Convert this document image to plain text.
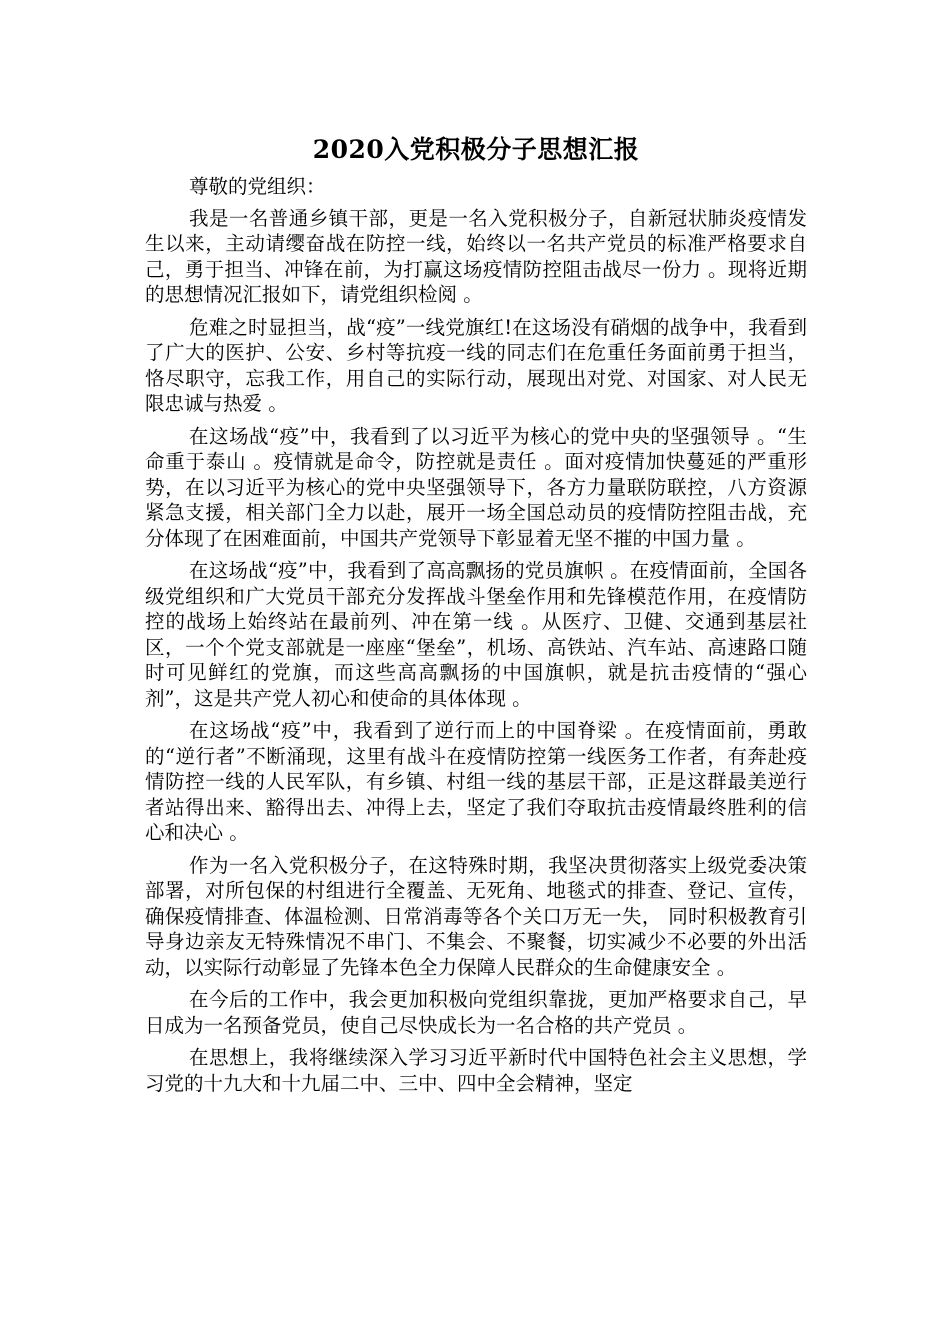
2020入党积极分子思想汇报
尊敬的党组织：

我是一名普通乡镇干部，更是一名入党积极分子，自新冠状肺炎疫情发生以来，主动请缨奋战在防控一线，始终以一名共产党员的标准严格要求自己，勇于担当、冲锋在前，为打赢这场疫情防控阻击战尽一份力 。现将近期的思想情况汇报如下，请党组织检阅 。

危难之时显担当，战“疫”一线党旗红!在这场没有硝烟的战争中，我看到了广大的医护、公安、乡村等抗疫一线的同志们在危重任务面前勇于担当，恪尽职守，忘我工作，用自己的实际行动，展现出对党、对国家、对人民无限忠诚与热爱 。

在这场战“疫”中，我看到了以习近平为核心的党中央的坚强领导 。“生命重于泰山 。疫情就是命令，防控就是责任 。面对疫情加快蔓延的严重形势，在以习近平为核心的党中央坚强领导下，各方力量联防联控，八方资源紧急支援，相关部门全力以赴，展开一场全国总动员的疫情防控阻击战，充分体现了在困难面前，中国共产党领导下彰显着无坚不摧的中国力量 。

在这场战“疫”中，我看到了高高飘扬的党员旗帜 。在疫情面前，全国各级党组织和广大党员干部充分发挥战斗堡垒作用和先锋模范作用，在疫情防控的战场上始终站在最前列、冲在第一线 。从医疗、卫健、交通到基层社区，一个个党支部就是一座座“堡垒”，机场、高铁站、汽车站、高速路口随时可见鲜红的党旗，而这些高高飘扬的中国旗帜，就是抗击疫情的“强心剂”，这是共产党人初心和使命的具体体现 。

在这场战“疫”中，我看到了逆行而上的中国脊梁 。在疫情面前，勇敢的“逆行者”不断涌现，这里有战斗在疫情防控第一线医务工作者，有奔赴疫情防控一线的人民军队，有乡镇、村组一线的基层干部，正是这群最美逆行者站得出来、豁得出去、冲得上去，坚定了我们夺取抗击疫情最终胜利的信心和决心 。

作为一名入党积极分子，在这特殊时期，我坚决贯彻落实上级党委决策部署，对所包保的村组进行全覆盖、无死角、地毯式的排查、登记、宣传，确保疫情排查、体温检测、日常消毒等各个关口万无一失， 同时积极教育引导身边亲友无特殊情况不串门、不集会、不聚餐，切实减少不必要的外出活动，以实际行动彰显了先锋本色全力保障人民群众的生命健康安全 。

在今后的工作中，我会更加积极向党组织靠拢，更加严格要求自己，早日成为一名预备党员，使自己尽快成长为一名合格的共产党员 。

在思想上，我将继续深入学习习近平新时代中国特色社会主义思想，学习党的十九大和十九届二中、三中、四中全会精神，坚定
